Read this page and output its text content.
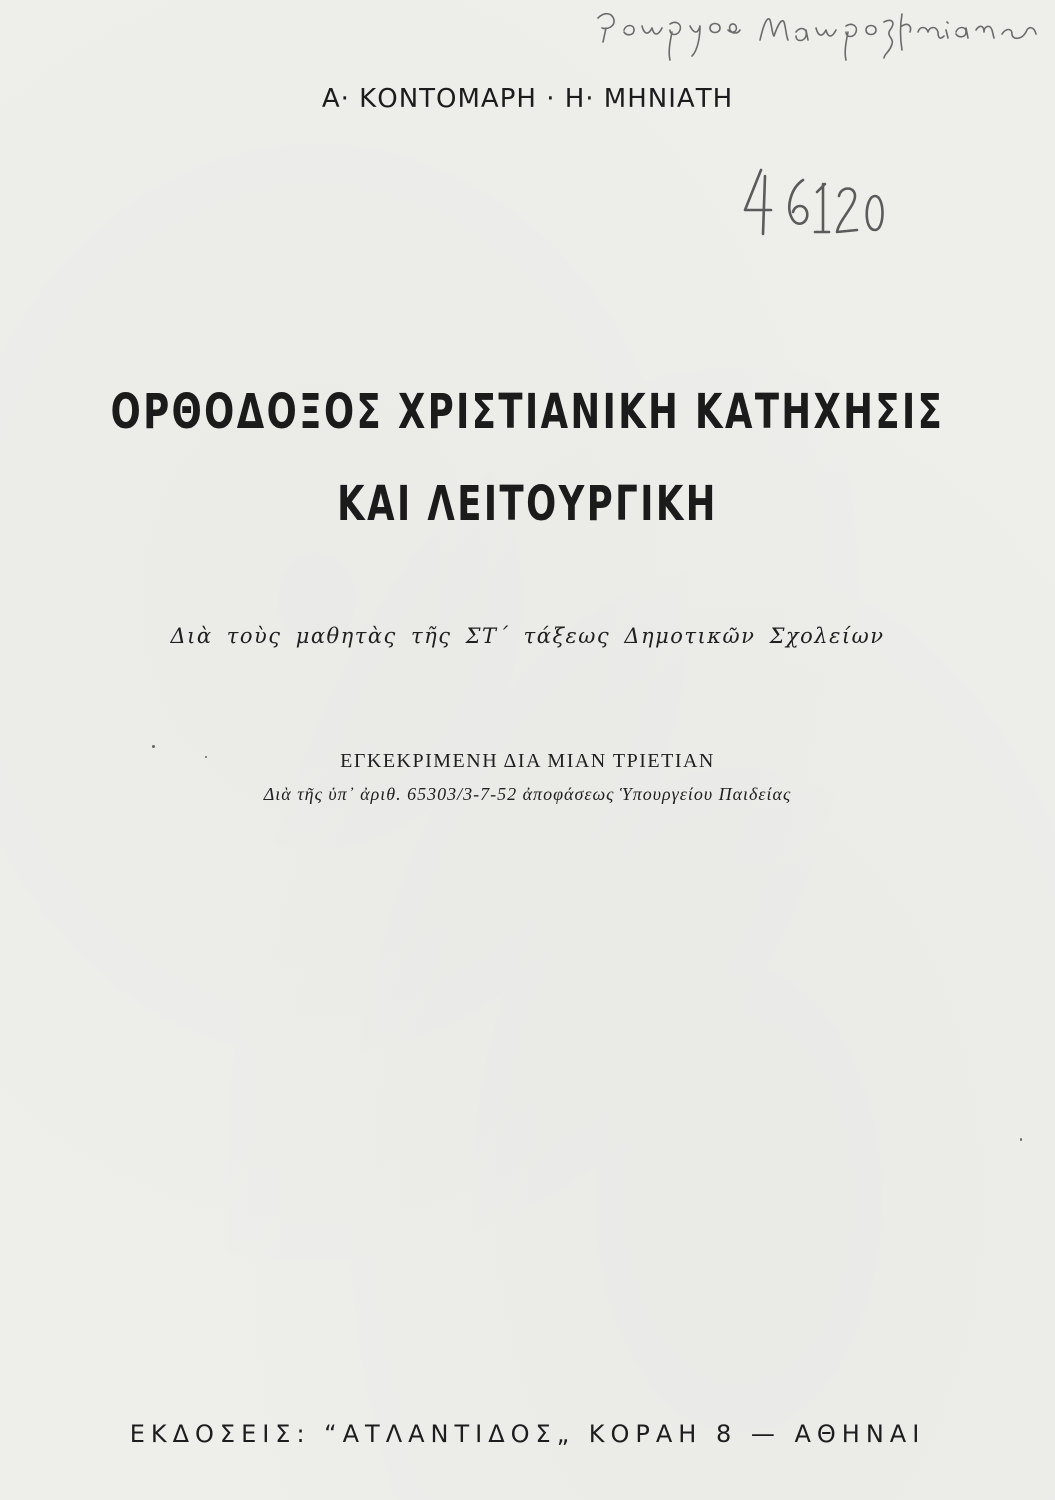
Α· ΚΟΝΤΟΜΑΡΗ · Η· ΜΗΝΙΑΤΗ
ΟΡΘΟΔΟΞΟΣ ΧΡΙΣΤΙΑΝΙΚΗ ΚΑΤΗΧΗΣΙΣ
ΚΑΙ ΛΕΙΤΟΥΡΓΙΚΗ
Διὰ τοὺς μαθητὰς τῆς ΣΤ΄ τάξεως Δημοτικῶν Σχολείων
ΕΓΚΕΚΡΙΜΕΝΗ ΔΙΑ ΜΙΑΝ ΤΡΙΕΤΙΑΝ
Διὰ τῆς ὑπ᾽ ἀριθ. 65303/3-7-52 ἀποφάσεως Ὑπουργείου Παιδείας
ΕΚΔΟΣΕΙΣ: “ΑΤΛΑΝΤΙΔΟΣ„ ΚΟΡΑΗ 8 — ΑΘΗΝΑΙ
